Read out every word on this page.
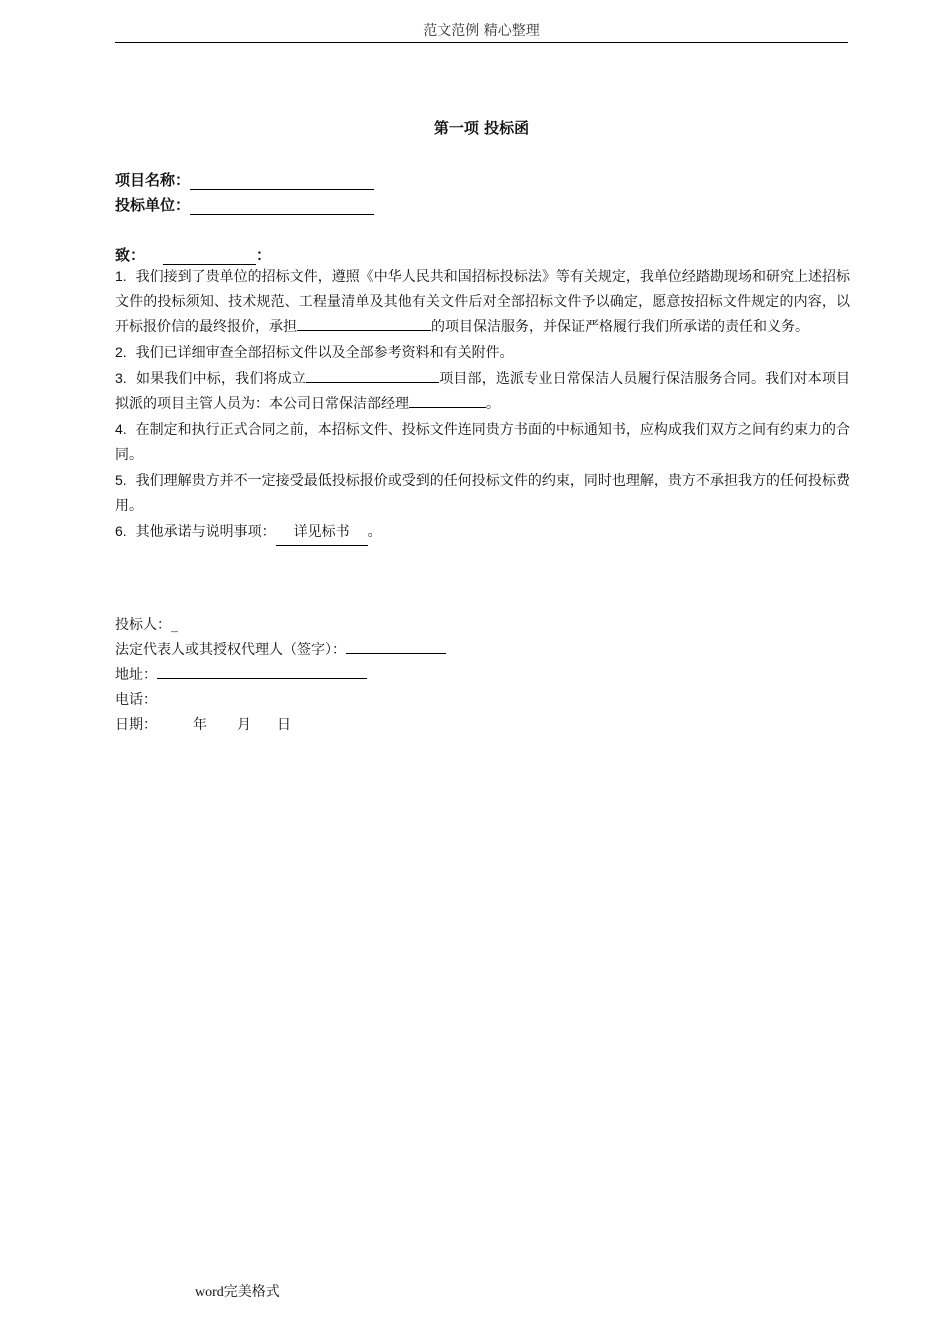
范文范例 精心整理
第一项 投标函
项目名称：
投标单位：
致：	：

1. 我们接到了贵单位的招标文件，遵照《中华人民共和国招标投标法》等有关规定，我单位经踏勘现场和研究上述招标文件的投标须知、技术规范、工程量清单及其他有关文件后对全部招标文件予以确定，愿意按招标文件规定的内容，以开标报价信的最终报价，承担	的项目保洁服务，并保证严格履行我们所承诺的责任和义务。

2. 我们已详细审查全部招标文件以及全部参考资料和有关附件。

3. 如果我们中标，我们将成立	项目部，选派专业日常保洁人员履行保洁服务合同。我们对本项目拟派的项目主管人员为：本公司日常保洁部经理	。

4. 在制定和执行正式合同之前，本招标文件、投标文件连同贵方书面的中标通知书，应构成我们双方之间有约束力的合同。

5. 我们理解贵方并不一定接受最低投标报价或受到的任何投标文件的约束，同时也理解，贵方不承担我方的任何投标费用。

6. 其他承诺与说明事项： 详见标书 。

投标人：_

法定代表人或其授权代理人（签字）：

地址：

电话：

日期：	年 月 日

word完美格式
